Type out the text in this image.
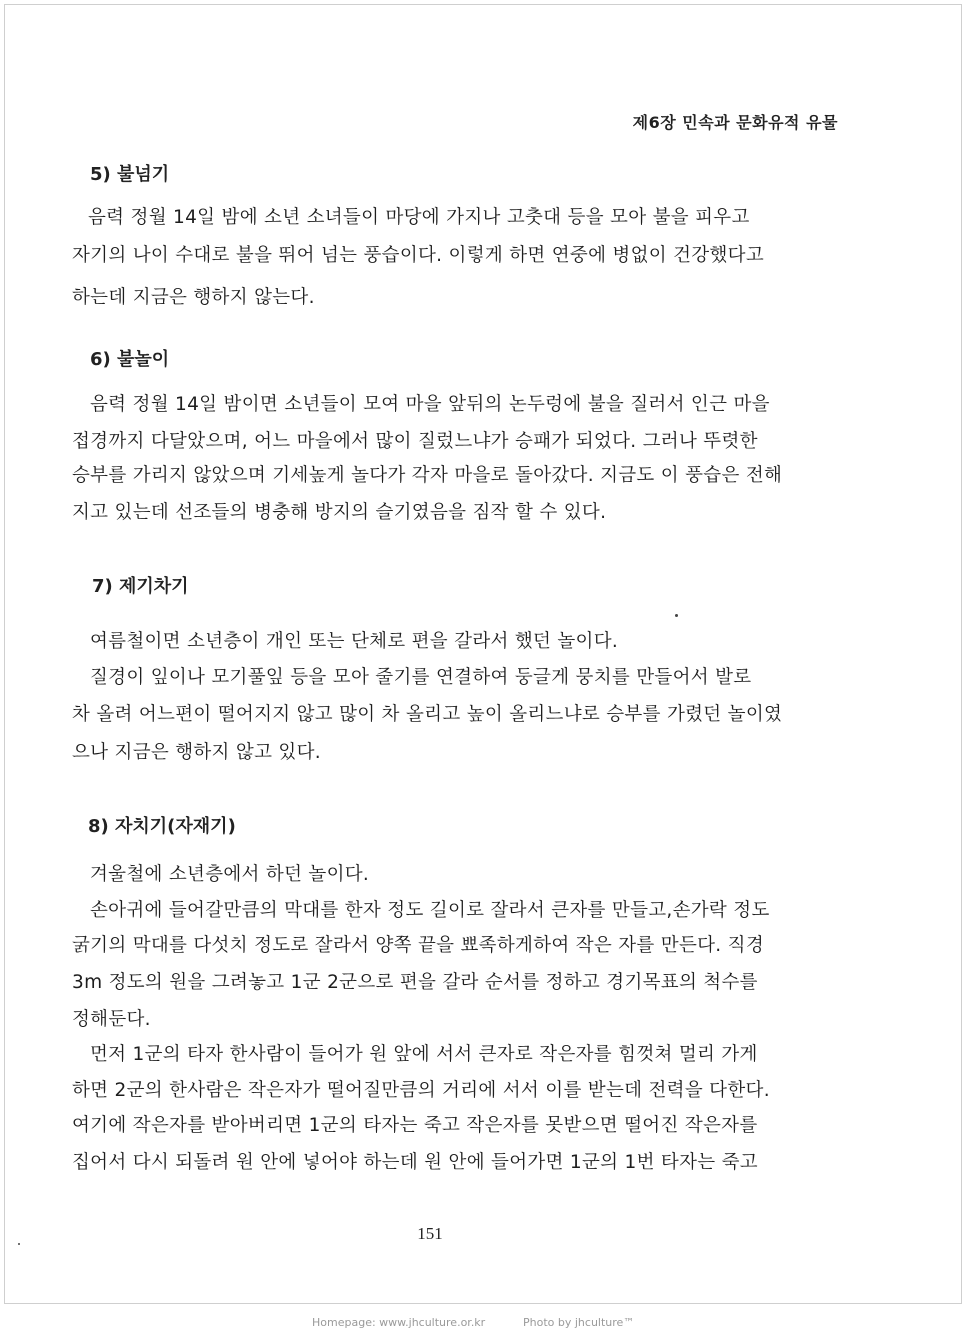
제6장 민속과 문화유적 유물
5) 불넘기
음력 정월 14일 밤에 소년 소녀들이 마당에 가지나 고춧대 등을 모아 불을 피우고
자기의 나이 수대로 불을 뛰어 넘는 풍습이다. 이렇게 하면 연중에 병없이 건강했다고
하는데 지금은 행하지 않는다.
6) 불놀이
음력 정월 14일 밤이면 소년들이 모여 마을 앞뒤의 논두렁에 불을 질러서 인근 마을
접경까지 다달았으며, 어느 마을에서 많이 질렀느냐가 승패가 되었다. 그러나 뚜렷한
승부를 가리지 않았으며 기세높게 놀다가 각자 마을로 돌아갔다. 지금도 이 풍습은 전해
지고 있는데 선조들의 병충해 방지의 슬기였음을 짐작 할 수 있다.
7) 제기차기
여름철이면 소년층이 개인 또는 단체로 편을 갈라서 했던 놀이다.
질경이 잎이나 모기풀잎 등을 모아 줄기를 연결하여 둥글게 뭉치를 만들어서 발로
차 올려 어느편이 떨어지지 않고 많이 차 올리고 높이 올리느냐로 승부를 가렸던 놀이였
으나 지금은 행하지 않고 있다.
8) 자치기(자재기)
겨울철에 소년층에서 하던 놀이다.
손아귀에 들어갈만큼의 막대를 한자 정도 길이로 잘라서 큰자를 만들고,손가락 정도
굵기의 막대를 다섯치 정도로 잘라서 양쪽 끝을 뾰족하게하여 작은 자를 만든다. 직경
3m 정도의 원을 그려놓고 1군 2군으로 편을 갈라 순서를 정하고 경기목표의 척수를
정해둔다.
먼저 1군의 타자 한사람이 들어가 원 앞에 서서 큰자로 작은자를 힘껏쳐 멀리 가게
하면 2군의 한사람은 작은자가 떨어질만큼의 거리에 서서 이를 받는데 전력을 다한다.
여기에 작은자를 받아버리면 1군의 타자는 죽고 작은자를 못받으면 떨어진 작은자를
집어서 다시 되돌려 원 안에 넣어야 하는데 원 안에 들어가면 1군의 1번 타자는 죽고
151
Homepage: www.jhculture.or.kr	Photo by jhculture™
